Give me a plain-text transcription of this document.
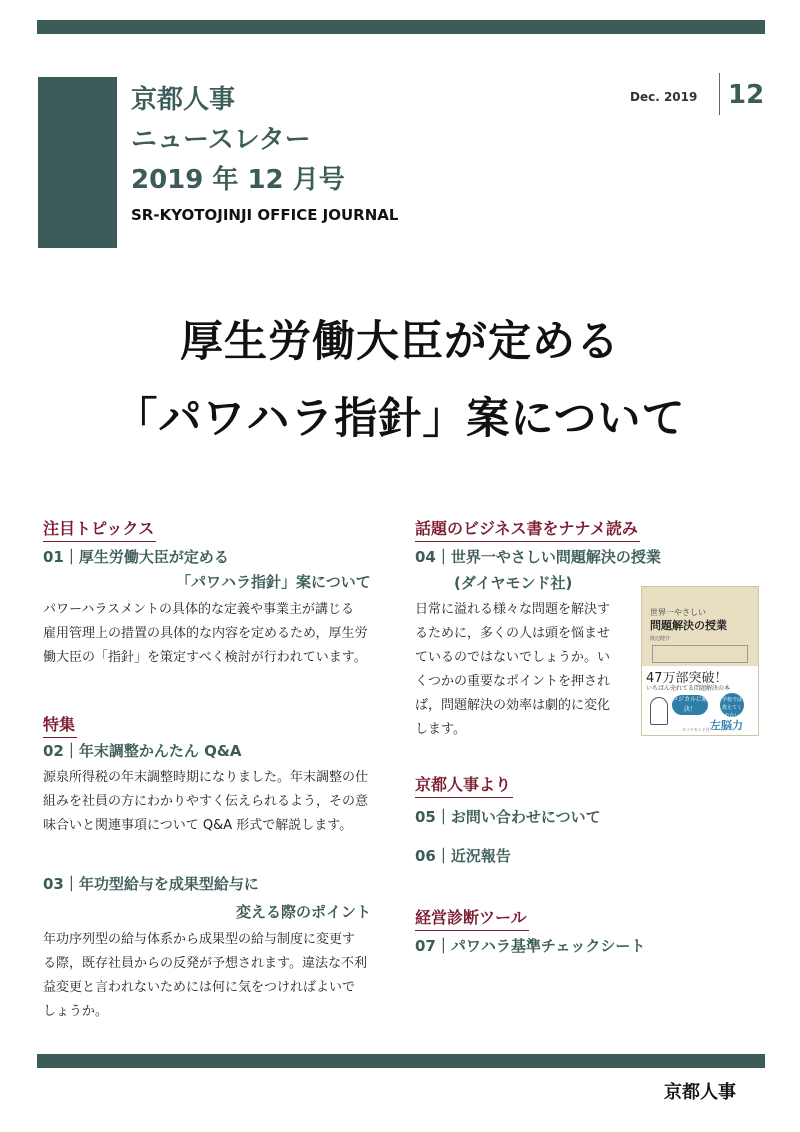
京都人事
ニュースレター
2019 年 12 月号
SR-KYOTOJINJI OFFICE JOURNAL
Dec. 2019 12
厚生労働大臣が定める
「パワハラ指針」案について
注目トピックス
01｜厚生労働大臣が定める
「パワハラ指針」案について
パワーハラスメントの具体的な定義や事業主が講じる
雇用管理上の措置の具体的な内容を定めるため，厚生労
働大臣の「指針」を策定すべく検討が行われています。
特集
02｜年末調整かんたん Q&A
源泉所得税の年末調整時期になりました。年末調整の仕
組みを社員の方にわかりやすく伝えられるよう，その意
味合いと関連事項について Q&A 形式で解説します。
03｜年功型給与を成果型給与に
変える際のポイント
年功序列型の給与体系から成果型の給与制度に変更す
る際，既存社員からの反発が予想されます。違法な不利
益変更と言われないためには何に気をつければよいで
しょうか。
話題のビジネス書をナナメ読み
04｜世界一やさしい問題解決の授業
(ダイヤモンド社)
日常に溢れる様々な問題を解決す
るために，多くの人は頭を悩ませ
ているのではないでしょうか。い
くつかの重要なポイントを押され
ば，問題解決の効率は劇的に変化
します。
世界一やさしい
問題解決の授業
渡辺健介
47万部突破！
いちばん売れてる問題解決の本
ロジカルに解決！
学校では教えてくれない
左脳力
ダイヤモンド社
京都人事より
05｜お問い合わせについて
06｜近況報告
経営診断ツール
07｜パワハラ基準チェックシート
京都人事
